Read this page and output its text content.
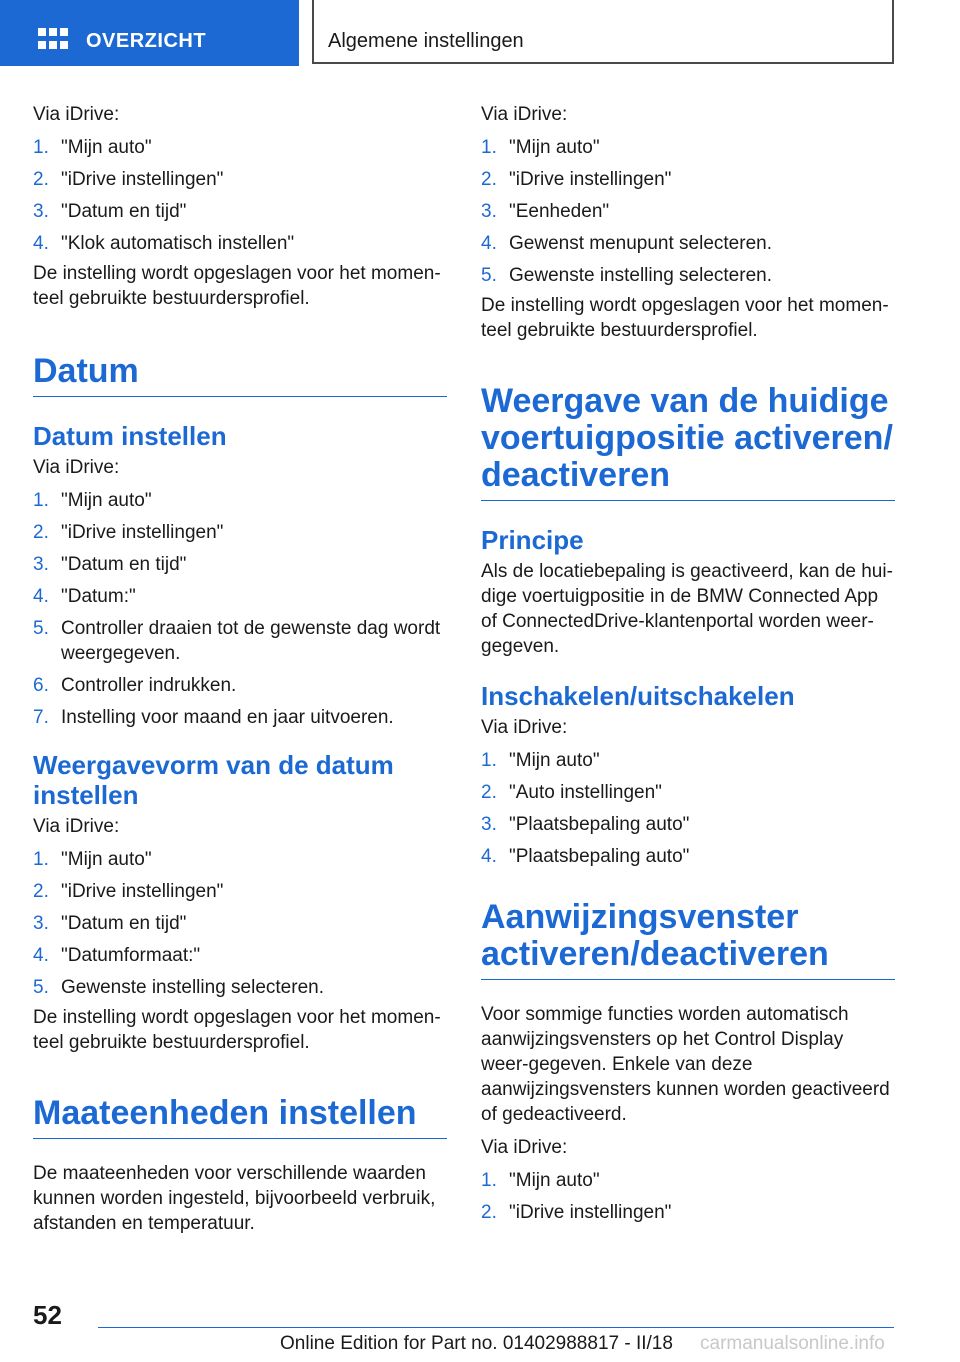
OVERZICHT	Algemene instellingen

Via iDrive:

1. "Mijn auto"
2. "iDrive instellingen"
3. "Datum en tijd"
4. "Klok automatisch instellen"

De instelling wordt opgeslagen voor het momen‐teel gebruikte bestuurdersprofiel.

Datum
Datum instellen

Via iDrive:

1. "Mijn auto"
2. "iDrive instellingen"
3. "Datum en tijd"
4. "Datum:"
5. Controller draaien tot de gewenste dag wordt weergegeven.
6. Controller indrukken.
7. Instelling voor maand en jaar uitvoeren.
Weergavevorm van de datum instellen

Via iDrive:

1. "Mijn auto"
2. "iDrive instellingen"
3. "Datum en tijd"
4. "Datumformaat:"
5. Gewenste instelling selecteren.

De instelling wordt opgeslagen voor het momen‐teel gebruikte bestuurdersprofiel.

Maateenheden instellen

De maateenheden voor verschillende waarden kunnen worden ingesteld, bijvoorbeeld verbruik, afstanden en temperatuur.

Via iDrive:

1. "Mijn auto"
2. "iDrive instellingen"
3. "Eenheden"
4. Gewenst menupunt selecteren.
5. Gewenste instelling selecteren.

De instelling wordt opgeslagen voor het momen‐teel gebruikte bestuurdersprofiel.

Weergave van de huidige voertuigpositie activeren/ deactiveren
Principe

Als de locatiebepaling is geactiveerd, kan de hui‐dige voertuigpositie in de BMW Connected App of ConnectedDrive-klantenportal worden weer‐gegeven.

Inschakelen/uitschakelen

Via iDrive:

1. "Mijn auto"
2. "Auto instellingen"
3. "Plaatsbepaling auto"
4. "Plaatsbepaling auto"
Aanwijzingsvenster activeren/deactiveren

Voor sommige functies worden automatisch aanwijzingsvensters op het Control Display weer‐gegeven. Enkele van deze aanwijzingsvensters kunnen worden geactiveerd of gedeactiveerd.

Via iDrive:

1. "Mijn auto"
2. "iDrive instellingen"
52
Online Edition for Part no. 01402988817 - II/18 carmanualsonline.info
